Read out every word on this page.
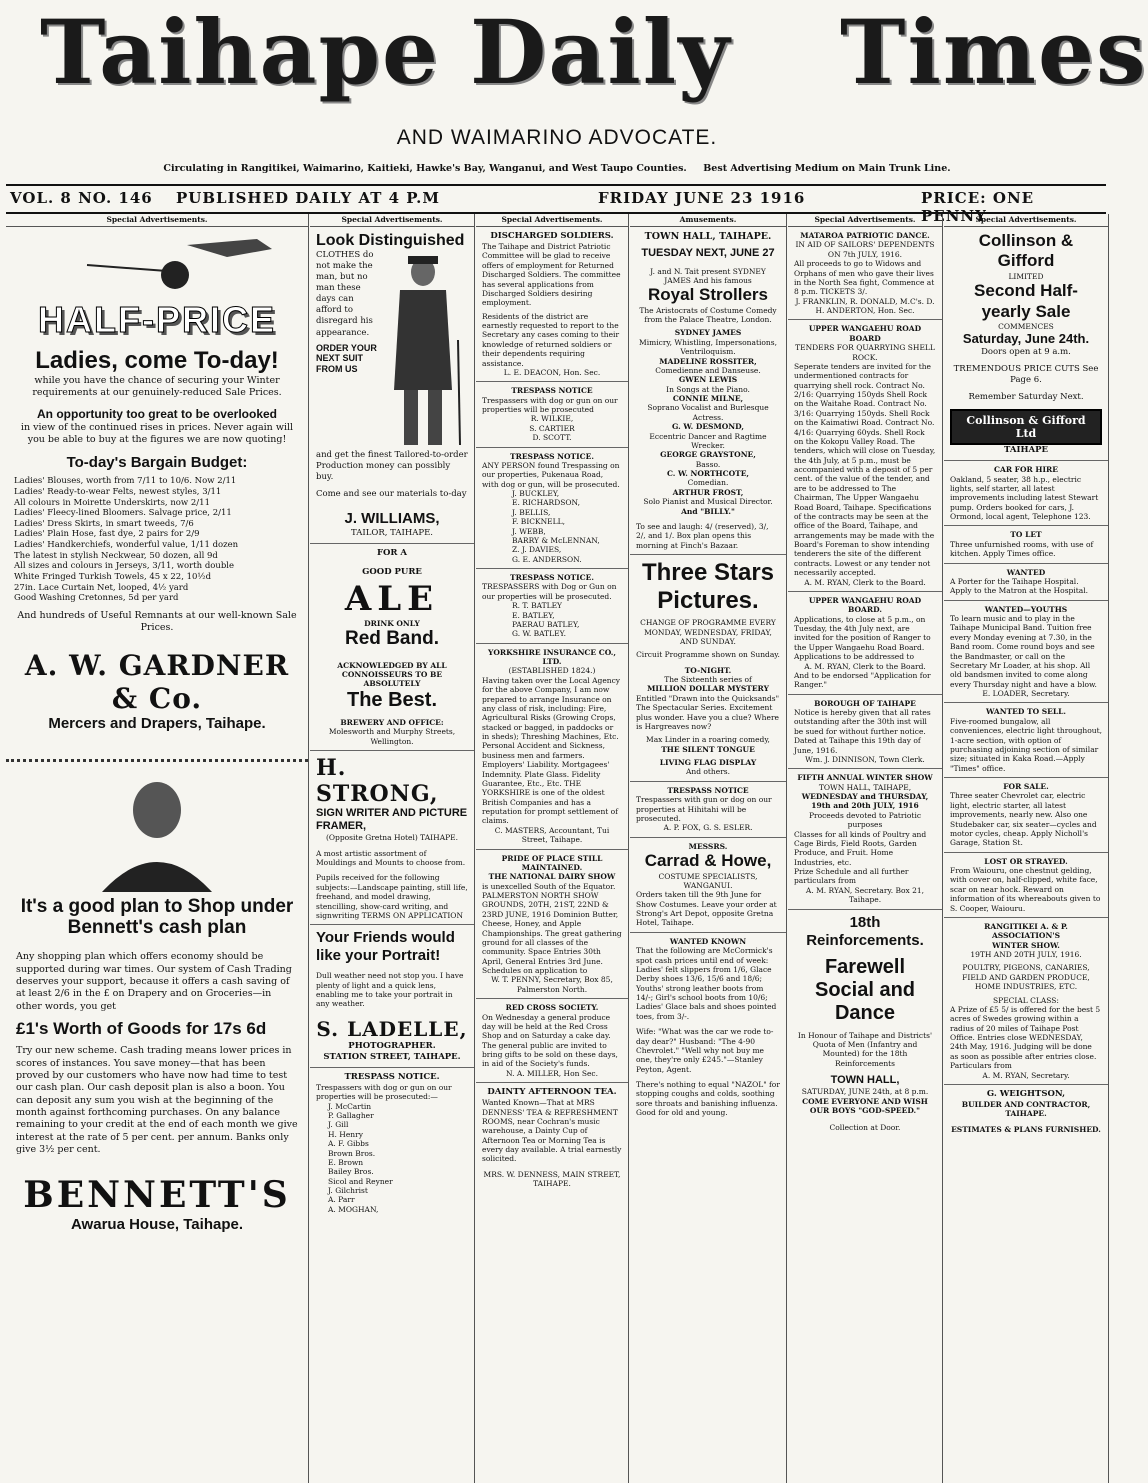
Taihape Daily Times
AND WAIMARINO ADVOCATE.
Circulating in Rangitikei, Waimarino, Kaitieki, Hawke's Bay, Wanganui, and West Taupo Counties. Best Advertising Medium on Main Trunk Line.
VOL. 8 NO. 146 PUBLISHED DAILY AT 4 P.M	FRIDAY JUNE 23 1916	PRICE: ONE PENNY
Special Advertisements.
HALF-PRICE
Ladies, come To-day!
while you have the chance of securing your Winter requirements at our genuinely-reduced Sale Prices.
An opportunity too great to be overlooked
in view of the continued rises in prices. Never again will you be able to buy at the figures we are now quoting!
To-day's Bargain Budget:
Ladies' Blouses, worth from 7/11 to 10/6. Now 2/11
Ladies' Ready-to-wear Felts, newest styles, 3/11
All colours in Moirette Underskirts, now 2/11
Ladies' Fleecy-lined Bloomers. Salvage price, 2/11
Ladies' Dress Skirts, in smart tweeds, 7/6
Ladies' Plain Hose, fast dye, 2 pairs for 2/9
Ladies' Handkerchiefs, wonderful value, 1/11 dozen
The latest in stylish Neckwear, 50 dozen, all 9d
All sizes and colours in Jerseys, 3/11, worth double
White Fringed Turkish Towels, 45 x 22, 10½d
27in. Lace Curtain Net, looped, 4½ yard
Good Washing Cretonnes, 5d per yard
And hundreds of Useful Remnants at our well-known Sale Prices.
A. W. GARDNER & Co.
Mercers and Drapers, Taihape.
It's a good plan to Shop under Bennett's cash plan
Any shopping plan which offers economy should be supported during war times. Our system of Cash Trading deserves your support, because it offers a cash saving of at least 2/6 in the £ on Drapery and on Groceries—in other words, you get
£1's Worth of Goods for 17s 6d
Try our new scheme. Cash trading means lower prices in scores of instances. You save money—that has been proved by our customers who have now had time to test our cash plan. Our cash deposit plan is also a boon. You can deposit any sum you wish at the beginning of the month against forthcoming purchases. On any balance remaining to your credit at the end of each month we give interest at the rate of 5 per cent. per annum. Banks only give 3½ per cent.
BENNETT'S
Awarua House, Taihape.
Special Advertisements.
Look Distinguished
CLOTHES do not make the man, but no man these days can afford to disregard his appearance.
ORDER YOUR NEXT SUIT FROM US
and get the finest Tailored-to-order Production money can possibly buy.
Come and see our materials to-day
J. WILLIAMS,
TAILOR, TAIHAPE.
FOR A
GOOD PURE
ALE
DRINK ONLY
Red Band.
ACKNOWLEDGED BY ALL CONNOISSEURS TO BE ABSOLUTELY
The Best.
BREWERY AND OFFICE:
Molesworth and Murphy Streets, Wellington.
H. STRONG,
SIGN WRITER AND PICTURE FRAMER,
(Opposite Gretna Hotel) TAIHAPE.
A most artistic assortment of Mouldings and Mounts to choose from.
Pupils received for the following subjects:—Landscape painting, still life, freehand, and model drawing, stencilling, show-card writing, and signwriting TERMS ON APPLICATION
Your Friends would like your Portrait!
Dull weather need not stop you. I have plenty of light and a quick lens, enabling me to take your portrait in any weather.
S. LADELLE,
PHOTOGRAPHER.
STATION STREET, TAIHAPE.
TRESPASS NOTICE.
Trespassers with dog or gun on our properties will be prosecuted:—
J. McCartin
P. Gallagher
J. Gill
H. Henry
A. F. Gibbs
Brown Bros.
E. Brown
Bailey Bros.
Sicol and Reyner
J. Gilchrist
A. Parr
A. MOGHAN,
Special Advertisements.
DISCHARGED SOLDIERS.
The Taihape and District Patriotic Committee will be glad to receive offers of employment for Returned Discharged Soldiers. The committee has several applications from Discharged Soldiers desiring employment.
Residents of the district are earnestly requested to report to the Secretary any cases coming to their knowledge of returned soldiers or their dependents requiring assistance.
L. E. DEACON, Hon. Sec.
TRESPASS NOTICE
Trespassers with dog or gun on our properties will be prosecuted
R. WILKIE,
S. CARTIER
D. SCOTT.
TRESPASS NOTICE.
ANY PERSON found Trespassing on our properties, Pukenaua Road, with dog or gun, will be prosecuted.
J. BUCKLEY,
E. RICHARDSON,
J. BELLIS,
F. BICKNELL,
J. WEBB,
BARRY & McLENNAN,
Z. J. DAVIES,
G. E. ANDERSON.
TRESPASS NOTICE.
TRESPASSERS with Dog or Gun on our properties will be prosecuted.
R. T. BATLEY
E. BATLEY,
PAERAU BATLEY,
G. W. BATLEY.
YORKSHIRE INSURANCE CO., LTD.
(ESTABLISHED 1824.)
Having taken over the Local Agency for the above Company, I am now prepared to arrange Insurance on any class of risk, including: Fire, Agricultural Risks (Growing Crops, stacked or bagged, in paddocks or in sheds); Threshing Machines, Etc. Personal Accident and Sickness, business men and farmers. Employers' Liability. Mortgagees' Indemnity. Plate Glass. Fidelity Guarantee, Etc., Etc. THE YORKSHIRE is one of the oldest British Companies and has a reputation for prompt settlement of claims.
C. MASTERS, Accountant, Tui Street, Taihape.
PRIDE OF PLACE STILL MAINTAINED.
THE NATIONAL DAIRY SHOW
is unexcelled South of the Equator. PALMERSTON NORTH SHOW GROUNDS, 20TH, 21ST, 22ND & 23RD JUNE, 1916 Dominion Butter, Cheese, Honey, and Apple Championships. The great gathering ground for all classes of the community. Space Entries 30th April, General Entries 3rd June. Schedules on application to
W. T. PENNY, Secretary, Box 85, Palmerston North.
RED CROSS SOCIETY.
On Wednesday a general produce day will be held at the Red Cross Shop and on Saturday a cake day. The general public are invited to bring gifts to be sold on these days, in aid of the Society's funds.
N. A. MILLER, Hon Sec.
DAINTY AFTERNOON TEA.
Wanted Known—That at MRS DENNESS' TEA & REFRESHMENT ROOMS, near Cochran's music warehouse, a Dainty Cup of Afternoon Tea or Morning Tea is every day available. A trial earnestly solicited.
MRS. W. DENNESS, MAIN STREET, TAIHAPE.
Amusements.
TOWN HALL, TAIHAPE.
TUESDAY NEXT, JUNE 27
J. and N. Tait present SYDNEY JAMES And his famous
Royal Strollers
The Aristocrats of Costume Comedy from the Palace Theatre, London.
SYDNEY JAMES
Mimicry, Whistling, Impersonations, Ventriloquism.
MADELINE ROSSITER,
Comedienne and Danseuse.
GWEN LEWIS
In Songs at the Piano.
CONNIE MILNE,
Soprano Vocalist and Burlesque Actress.
G. W. DESMOND,
Eccentric Dancer and Ragtime Wrecker.
GEORGE GRAYSTONE,
Basso.
C. W. NORTHCOTE,
Comedian.
ARTHUR FROST,
Solo Pianist and Musical Director.
And "BILLY."
To see and laugh: 4/ (reserved), 3/, 2/, and 1/. Box plan opens this morning at Finch's Bazaar.
Three Stars Pictures.
CHANGE OF PROGRAMME EVERY MONDAY, WEDNESDAY, FRIDAY, AND SUNDAY.
Circuit Programme shown on Sunday.
TO-NIGHT.
The Sixteenth series of
MILLION DOLLAR MYSTERY
Entitled "Drawn into the Quicksands" The Spectacular Series. Excitement plus wonder. Have you a clue? Where is Hargreaves now?
Max Linder in a roaring comedy,
THE SILENT TONGUE
LIVING FLAG DISPLAY
And others.
TRESPASS NOTICE
Trespassers with gun or dog on our properties at Hihitahi will be prosecuted.
A. P. FOX, G. S. ESLER.
MESSRS.
Carrad & Howe,
COSTUME SPECIALISTS, WANGANUI.
Orders taken till the 9th June for Show Costumes. Leave your order at Strong's Art Depot, opposite Gretna Hotel, Taihape.
WANTED KNOWN
That the following are McCormick's spot cash prices until end of week: Ladies' felt slippers from 1/6, Glace Derby shoes 13/6, 15/6 and 18/6; Youths' strong leather boots from 14/-; Girl's school boots from 10/6; Ladies' Glace bals and shoes pointed toes, from 3/-.
Wife: "What was the car we rode to-day dear?" Husband: "The 4-90 Chevrolet." "Well why not buy me one, they're only £245."—Stanley Peyton, Agent.
There's nothing to equal "NAZOL" for stopping coughs and colds, soothing sore throats and banishing influenza. Good for old and young.
Special Advertisements.
MATAROA PATRIOTIC DANCE.
IN AID OF SAILORS' DEPENDENTS
ON 7th JULY, 1916.
All proceeds to go to Widows and Orphans of men who gave their lives in the North Sea fight, Commence at 8 p.m. TICKETS 3/.
J. FRANKLIN, R. DONALD, M.C's. D. H. ANDERTON, Hon. Sec.
UPPER WANGAEHU ROAD BOARD
TENDERS FOR QUARRYING SHELL ROCK.
Seperate tenders are invited for the undermentioned contracts for quarrying shell rock. Contract No. 2/16: Quarrying 150yds Shell Rock on the Waitahe Road. Contract No. 3/16: Quarrying 150yds. Shell Rock on the Kaimatiwi Road. Contract No. 4/16: Quarrying 60yds. Shell Rock on the Kokopu Valley Road. The tenders, which will close on Tuesday, the 4th July, at 5 p.m., must be accompanied with a deposit of 5 per cent. of the value of the tender, and are to be addressed to The Chairman, The Upper Wangaehu Road Board, Taihape. Specifications of the contracts may be seen at the office of the Board, Taihape, and arrangements may be made with the Board's Foreman to show intending tenderers the site of the different contracts. Lowest or any tender not necessarily accepted.
A. M. RYAN, Clerk to the Board.
UPPER WANGAEHU ROAD BOARD.
Applications, to close at 5 p.m., on Tuesday, the 4th July next, are invited for the position of Ranger to the Upper Wangaehu Road Board. Applications to be addressed to
A. M. RYAN, Clerk to the Board.
And to be endorsed "Application for Ranger."
BOROUGH OF TAIHAPE
Notice is hereby given that all rates outstanding after the 30th inst will be sued for without further notice. Dated at Taihape this 19th day of June, 1916.
Wm. J. DINNISON, Town Clerk.
FIFTH ANNUAL WINTER SHOW
TOWN HALL, TAIHAPE,
WEDNESDAY and THURSDAY, 19th and 20th JULY, 1916
Proceeds devoted to Patriotic purposes
Classes for all kinds of Poultry and Cage Birds, Field Roots, Garden Produce, and Fruit. Home Industries, etc.
Prize Schedule and all further particulars from
A. M. RYAN, Secretary. Box 21, Taihape.
18th Reinforcements.
Farewell Social and Dance
In Honour of Taihape and Districts' Quota of Men (Infantry and Mounted) for the 18th Reinforcements
TOWN HALL,
SATURDAY, JUNE 24th, at 8 p.m.
COME EVERYONE AND WISH OUR BOYS "GOD-SPEED."
Collection at Door.
Special Advertisements.
Collinson & Gifford
LIMITED
Second Half-yearly Sale
COMMENCES
Saturday, June 24th.
Doors open at 9 a.m.
TREMENDOUS PRICE CUTS See Page 6.
Remember Saturday Next.
Collinson & Gifford Ltd
TAIHAPE
CAR FOR HIRE
Oakland, 5 seater, 38 h.p., electric lights, self starter, all latest improvements including latest Stewart pump. Orders booked for cars, J. Ormond, local agent, Telephone 123.
TO LET
Three unfurnished rooms, with use of kitchen. Apply Times office.
WANTED
A Porter for the Taihape Hospital. Apply to the Matron at the Hospital.
WANTED—YOUTHS
To learn music and to play in the Taihape Municipal Band. Tuition free every Monday evening at 7.30, in the Band room. Come round boys and see the Bandmaster, or call on the Secretary Mr Loader, at his shop. All old bandsmen invited to come along every Thursday night and have a blow.
E. LOADER, Secretary.
WANTED TO SELL.
Five-roomed bungalow, all conveniences, electric light throughout, 1-acre section, with option of purchasing adjoining section of similar size; situated in Kaka Road.—Apply "Times" office.
FOR SALE.
Three seater Chevrolet car, electric light, electric starter, all latest improvements, nearly new. Also one Studebaker car, six seater—cycles and motor cycles, cheap. Apply Nicholl's Garage, Station St.
LOST OR STRAYED.
From Waiouru, one chestnut gelding, with cover on, half-clipped, white face, scar on near hock. Reward on information of its whereabouts given to S. Cooper, Waiouru.
RANGITIKEI A. & P. ASSOCIATION'S
WINTER SHOW.
19TH AND 20TH JULY, 1916.
POULTRY, PIGEONS, CANARIES, FIELD AND GARDEN PRODUCE, HOME INDUSTRIES, ETC.
SPECIAL CLASS:
A Prize of £5 5/ is offered for the best 5 acres of Swedes growing within a radius of 20 miles of Taihape Post Office. Entries close WEDNESDAY, 24th May, 1916. Judging will be done as soon as possible after entries close. Particulars from
A. M. RYAN, Secretary.
G. WEIGHTSON,
BUILDER AND CONTRACTOR, TAIHAPE.
ESTIMATES & PLANS FURNISHED.
